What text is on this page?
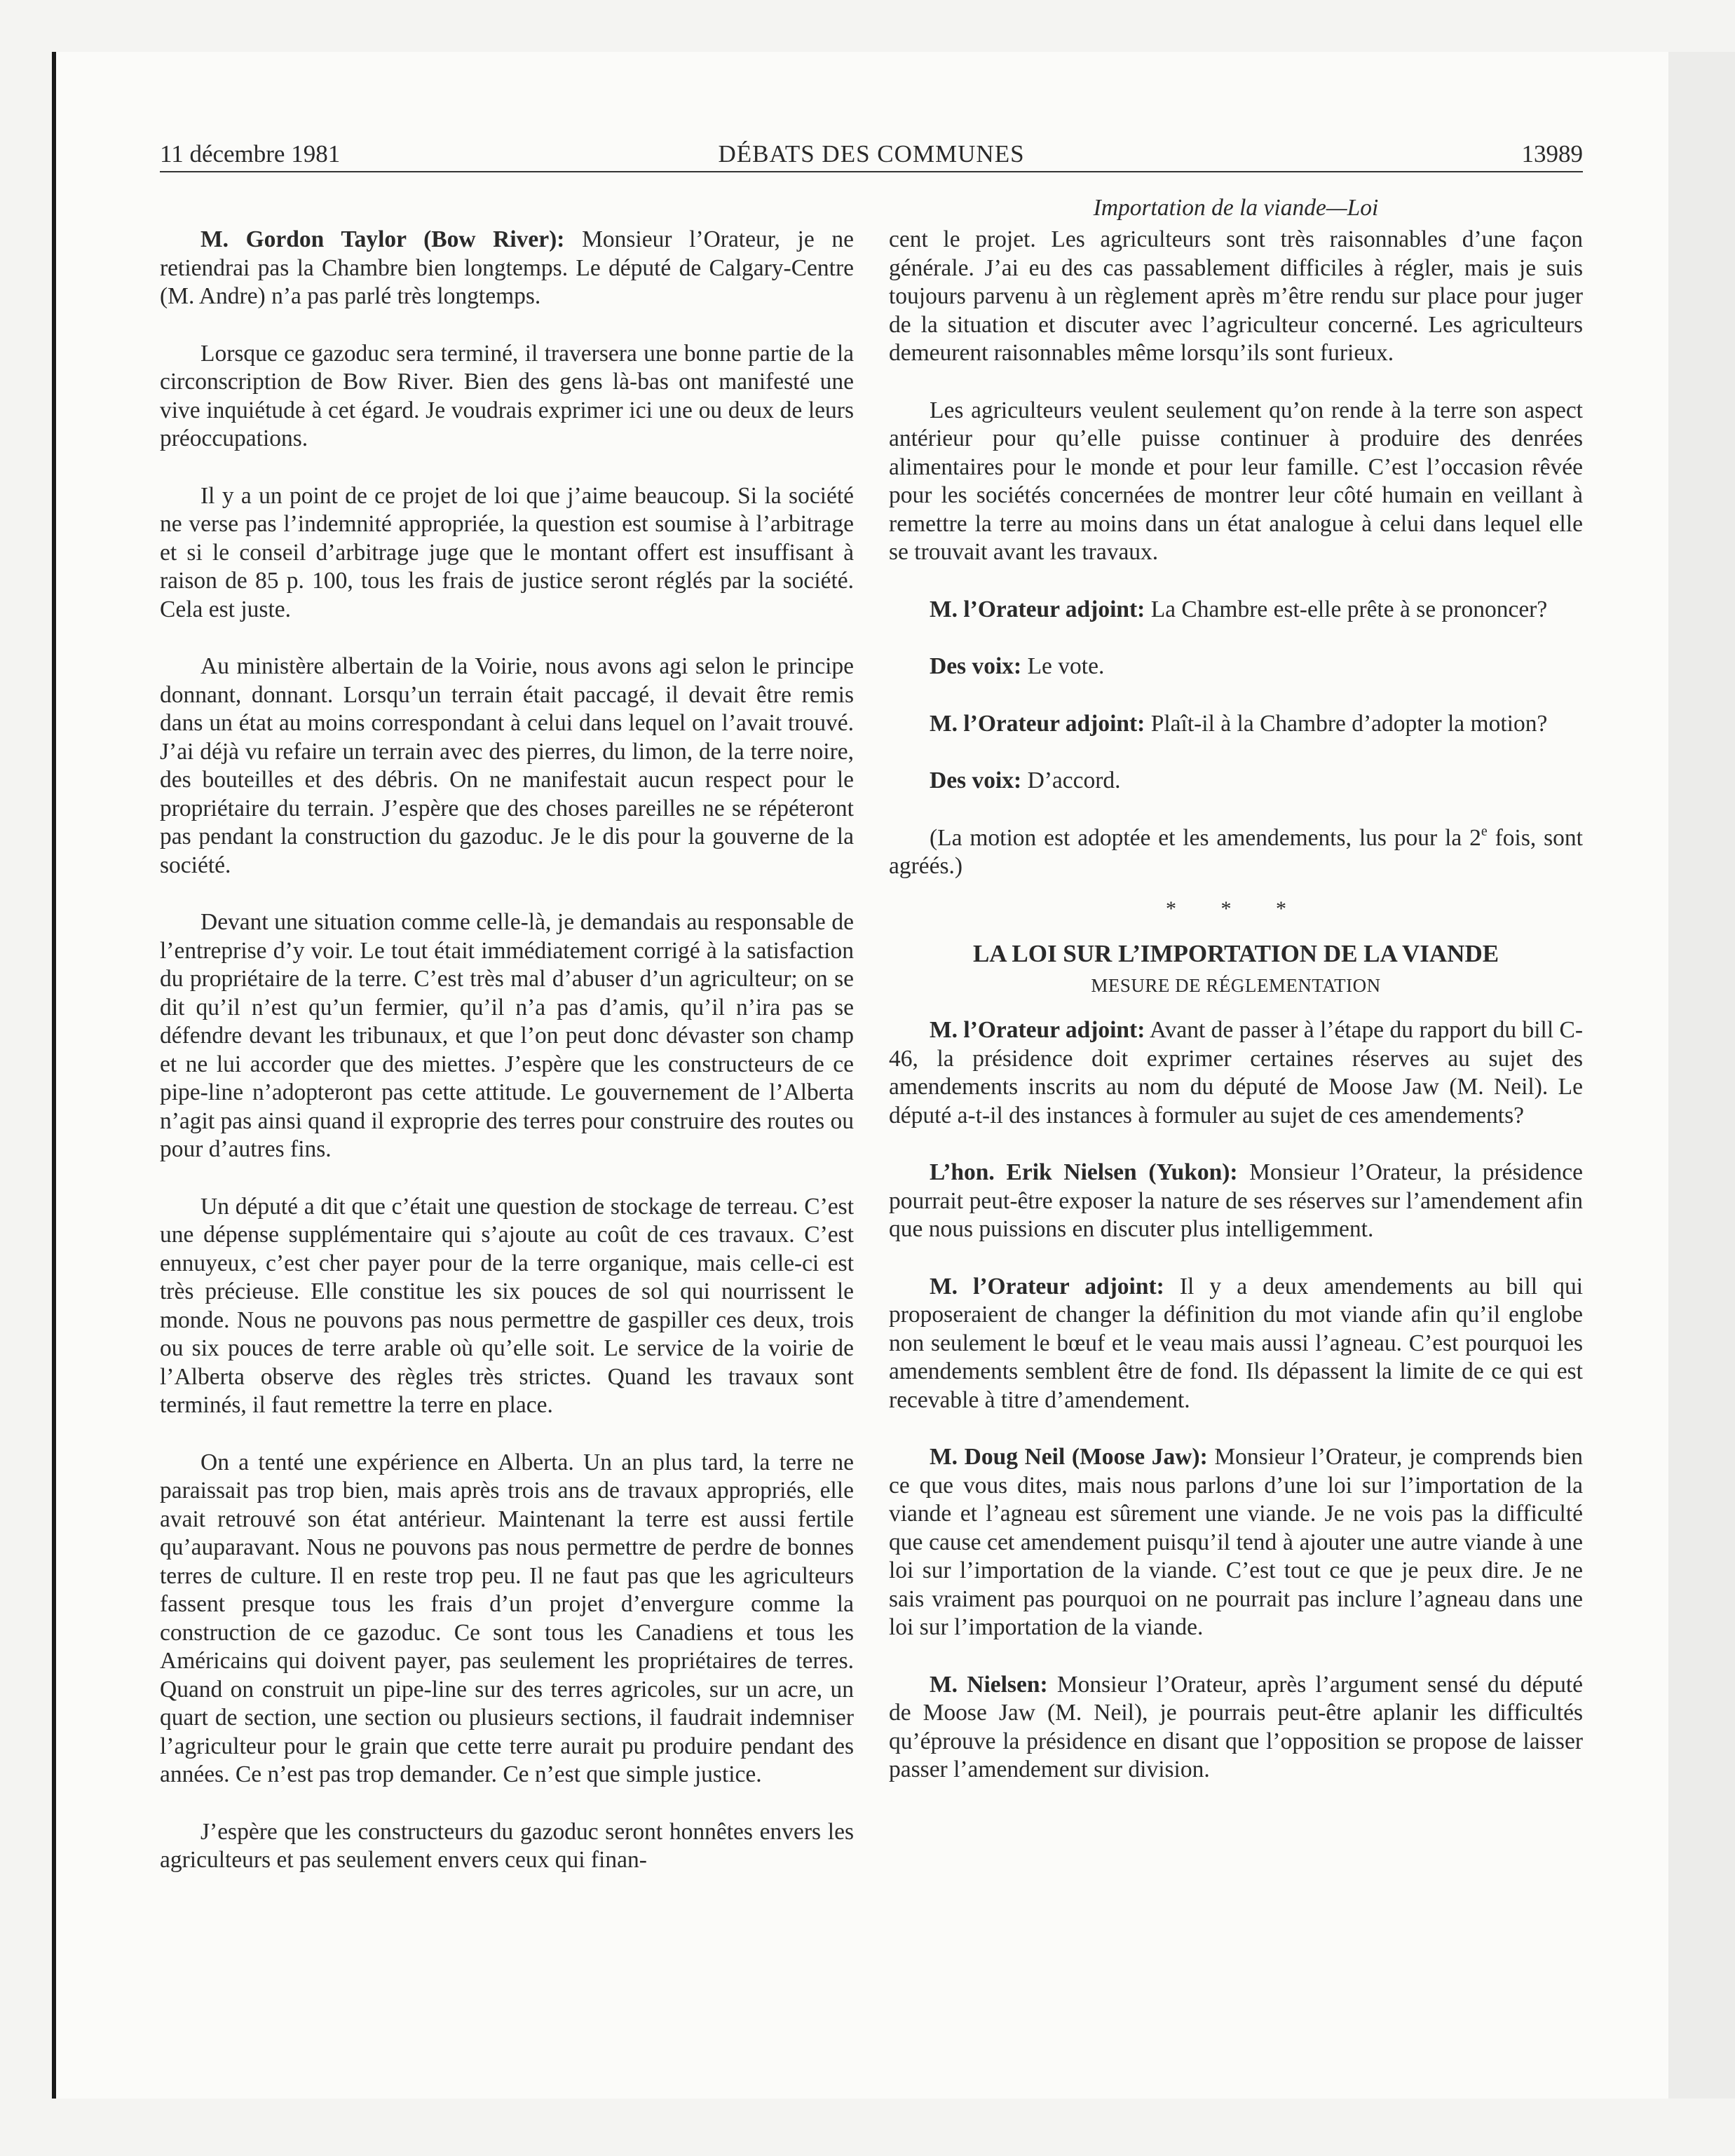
11 décembre 1981	DÉBATS DES COMMUNES	13989

M. Gordon Taylor (Bow River): Monsieur l’Orateur, je ne retiendrai pas la Chambre bien longtemps. Le député de Calgary-Centre (M. Andre) n’a pas parlé très longtemps.

Lorsque ce gazoduc sera terminé, il traversera une bonne partie de la circonscription de Bow River. Bien des gens là-bas ont manifesté une vive inquiétude à cet égard. Je voudrais exprimer ici une ou deux de leurs préoccupations.

Il y a un point de ce projet de loi que j’aime beaucoup. Si la société ne verse pas l’indemnité appropriée, la question est soumise à l’arbitrage et si le conseil d’arbitrage juge que le montant offert est insuffisant à raison de 85 p. 100, tous les frais de justice seront réglés par la société. Cela est juste.

Au ministère albertain de la Voirie, nous avons agi selon le principe donnant, donnant. Lorsqu’un terrain était paccagé, il devait être remis dans un état au moins correspondant à celui dans lequel on l’avait trouvé. J’ai déjà vu refaire un terrain avec des pierres, du limon, de la terre noire, des bouteilles et des débris. On ne manifestait aucun respect pour le propriétaire du terrain. J’espère que des choses pareilles ne se répéteront pas pendant la construction du gazoduc. Je le dis pour la gouverne de la société.

Devant une situation comme celle-là, je demandais au responsable de l’entreprise d’y voir. Le tout était immédiatement corrigé à la satisfaction du propriétaire de la terre. C’est très mal d’abuser d’un agriculteur; on se dit qu’il n’est qu’un fermier, qu’il n’a pas d’amis, qu’il n’ira pas se défendre devant les tribunaux, et que l’on peut donc dévaster son champ et ne lui accorder que des miettes. J’espère que les constructeurs de ce pipe-line n’adopteront pas cette attitude. Le gouvernement de l’Alberta n’agit pas ainsi quand il exproprie des terres pour construire des routes ou pour d’autres fins.

Un député a dit que c’était une question de stockage de terreau. C’est une dépense supplémentaire qui s’ajoute au coût de ces travaux. C’est ennuyeux, c’est cher payer pour de la terre organique, mais celle-ci est très précieuse. Elle constitue les six pouces de sol qui nourrissent le monde. Nous ne pouvons pas nous permettre de gaspiller ces deux, trois ou six pouces de terre arable où qu’elle soit. Le service de la voirie de l’Alberta observe des règles très strictes. Quand les travaux sont terminés, il faut remettre la terre en place.

On a tenté une expérience en Alberta. Un an plus tard, la terre ne paraissait pas trop bien, mais après trois ans de travaux appropriés, elle avait retrouvé son état antérieur. Maintenant la terre est aussi fertile qu’auparavant. Nous ne pouvons pas nous permettre de perdre de bonnes terres de culture. Il en reste trop peu. Il ne faut pas que les agriculteurs fassent presque tous les frais d’un projet d’envergure comme la construction de ce gazoduc. Ce sont tous les Canadiens et tous les Américains qui doivent payer, pas seulement les propriétaires de terres. Quand on construit un pipe-line sur des terres agricoles, sur un acre, un quart de section, une section ou plusieurs sections, il faudrait indemniser l’agriculteur pour le grain que cette terre aurait pu produire pendant des années. Ce n’est pas trop demander. Ce n’est que simple justice.

J’espère que les constructeurs du gazoduc seront honnêtes envers les agriculteurs et pas seulement envers ceux qui finan-

Importation de la viande—Loi

cent le projet. Les agriculteurs sont très raisonnables d’une façon générale. J’ai eu des cas passablement difficiles à régler, mais je suis toujours parvenu à un règlement après m’être rendu sur place pour juger de la situation et discuter avec l’agriculteur concerné. Les agriculteurs demeurent raisonnables même lorsqu’ils sont furieux.

Les agriculteurs veulent seulement qu’on rende à la terre son aspect antérieur pour qu’elle puisse continuer à produire des denrées alimentaires pour le monde et pour leur famille. C’est l’occasion rêvée pour les sociétés concernées de montrer leur côté humain en veillant à remettre la terre au moins dans un état analogue à celui dans lequel elle se trouvait avant les travaux.

M. l’Orateur adjoint: La Chambre est-elle prête à se prononcer?

Des voix: Le vote.

M. l’Orateur adjoint: Plaît-il à la Chambre d’adopter la motion?

Des voix: D’accord.

(La motion est adoptée et les amendements, lus pour la 2e fois, sont agréés.)

* * *
LA LOI SUR L’IMPORTATION DE LA VIANDE
MESURE DE RÉGLEMENTATION

M. l’Orateur adjoint: Avant de passer à l’étape du rapport du bill C-46, la présidence doit exprimer certaines réserves au sujet des amendements inscrits au nom du député de Moose Jaw (M. Neil). Le député a-t-il des instances à formuler au sujet de ces amendements?

L’hon. Erik Nielsen (Yukon): Monsieur l’Orateur, la présidence pourrait peut-être exposer la nature de ses réserves sur l’amendement afin que nous puissions en discuter plus intelligemment.

M. l’Orateur adjoint: Il y a deux amendements au bill qui proposeraient de changer la définition du mot viande afin qu’il englobe non seulement le bœuf et le veau mais aussi l’agneau. C’est pourquoi les amendements semblent être de fond. Ils dépassent la limite de ce qui est recevable à titre d’amendement.

M. Doug Neil (Moose Jaw): Monsieur l’Orateur, je comprends bien ce que vous dites, mais nous parlons d’une loi sur l’importation de la viande et l’agneau est sûrement une viande. Je ne vois pas la difficulté que cause cet amendement puisqu’il tend à ajouter une autre viande à une loi sur l’importation de la viande. C’est tout ce que je peux dire. Je ne sais vraiment pas pourquoi on ne pourrait pas inclure l’agneau dans une loi sur l’importation de la viande.

M. Nielsen: Monsieur l’Orateur, après l’argument sensé du député de Moose Jaw (M. Neil), je pourrais peut-être aplanir les difficultés qu’éprouve la présidence en disant que l’opposition se propose de laisser passer l’amendement sur division.
